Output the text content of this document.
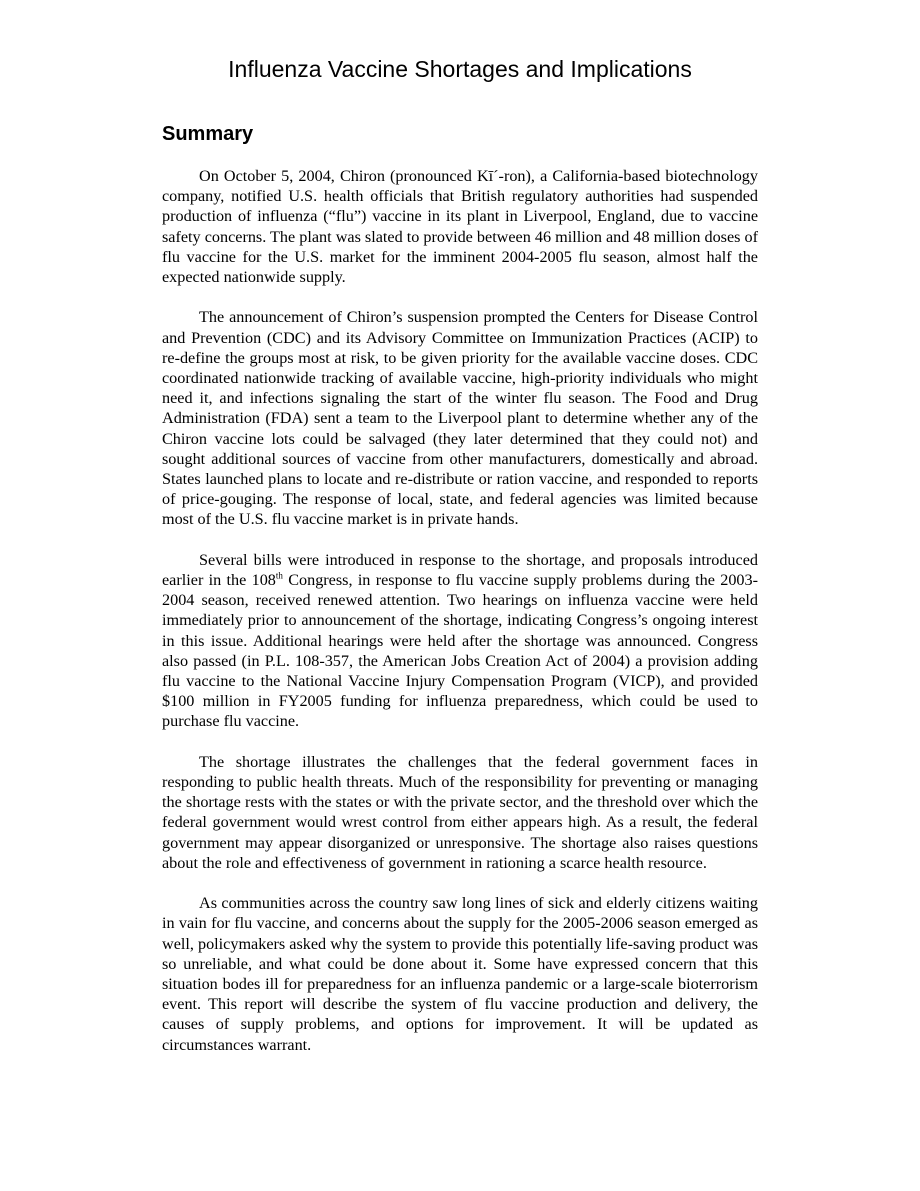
Influenza Vaccine Shortages and Implications
Summary

On October 5, 2004, Chiron (pronounced Kī´-ron), a California-based biotechnology company, notified U.S. health officials that British regulatory authorities had suspended production of influenza (“flu”) vaccine in its plant in Liverpool, England, due to vaccine safety concerns. The plant was slated to provide between 46 million and 48 million doses of flu vaccine for the U.S. market for the imminent 2004-2005 flu season, almost half the expected nationwide supply.

The announcement of Chiron’s suspension prompted the Centers for Disease Control and Prevention (CDC) and its Advisory Committee on Immunization Practices (ACIP) to re-define the groups most at risk, to be given priority for the available vaccine doses. CDC coordinated nationwide tracking of available vaccine, high-priority individuals who might need it, and infections signaling the start of the winter flu season. The Food and Drug Administration (FDA) sent a team to the Liverpool plant to determine whether any of the Chiron vaccine lots could be salvaged (they later determined that they could not) and sought additional sources of vaccine from other manufacturers, domestically and abroad. States launched plans to locate and re-distribute or ration vaccine, and responded to reports of price-gouging. The response of local, state, and federal agencies was limited because most of the U.S. flu vaccine market is in private hands.

Several bills were introduced in response to the shortage, and proposals introduced earlier in the 108th Congress, in response to flu vaccine supply problems during the 2003-2004 season, received renewed attention. Two hearings on influenza vaccine were held immediately prior to announcement of the shortage, indicating Congress’s ongoing interest in this issue. Additional hearings were held after the shortage was announced. Congress also passed (in P.L. 108-357, the American Jobs Creation Act of 2004) a provision adding flu vaccine to the National Vaccine Injury Compensation Program (VICP), and provided $100 million in FY2005 funding for influenza preparedness, which could be used to purchase flu vaccine.

The shortage illustrates the challenges that the federal government faces in responding to public health threats. Much of the responsibility for preventing or managing the shortage rests with the states or with the private sector, and the threshold over which the federal government would wrest control from either appears high. As a result, the federal government may appear disorganized or unresponsive. The shortage also raises questions about the role and effectiveness of government in rationing a scarce health resource.

As communities across the country saw long lines of sick and elderly citizens waiting in vain for flu vaccine, and concerns about the supply for the 2005-2006 season emerged as well, policymakers asked why the system to provide this potentially life-saving product was so unreliable, and what could be done about it. Some have expressed concern that this situation bodes ill for preparedness for an influenza pandemic or a large-scale bioterrorism event. This report will describe the system of flu vaccine production and delivery, the causes of supply problems, and options for improvement. It will be updated as circumstances warrant.
